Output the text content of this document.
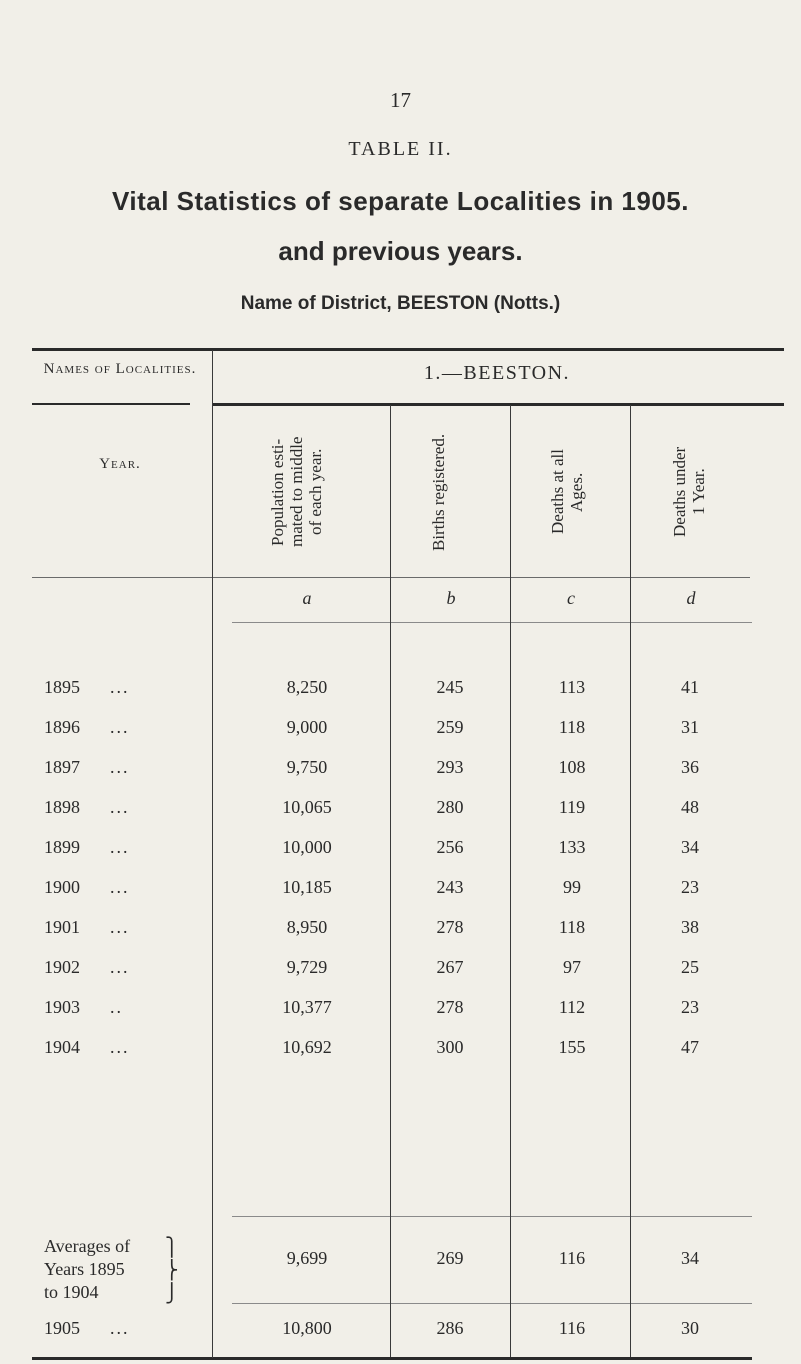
17
TABLE II.
Vital Statistics of separate Localities in 1905.
and previous years.
Name of District, BEESTON (Notts.)
Names of Localities.	1.—BEESTON.
Year.
Population esti-
mated to middle
of each year.	Births registered.	Deaths at all
Ages.	Deaths under
1 Year.
a	b	c	d
1895	...	8,250	245	113	41
1896	...	9,000	259	118	31
1897	...	9,750	293	108	36
1898	...	10,065	280	119	48
1899	...	10,000	256	133	34
1900	...	10,185	243	99	23
1901	...	8,950	278	118	38
1902	...	9,729	267	97	25
1903	..	10,377	278	112	23
1904	...	10,692	300	155	47
Averages of
Years 1895
to 1904
⎫
⎬
⎭
9,699	269	116	34
1905	...	10,800	286	116	30
